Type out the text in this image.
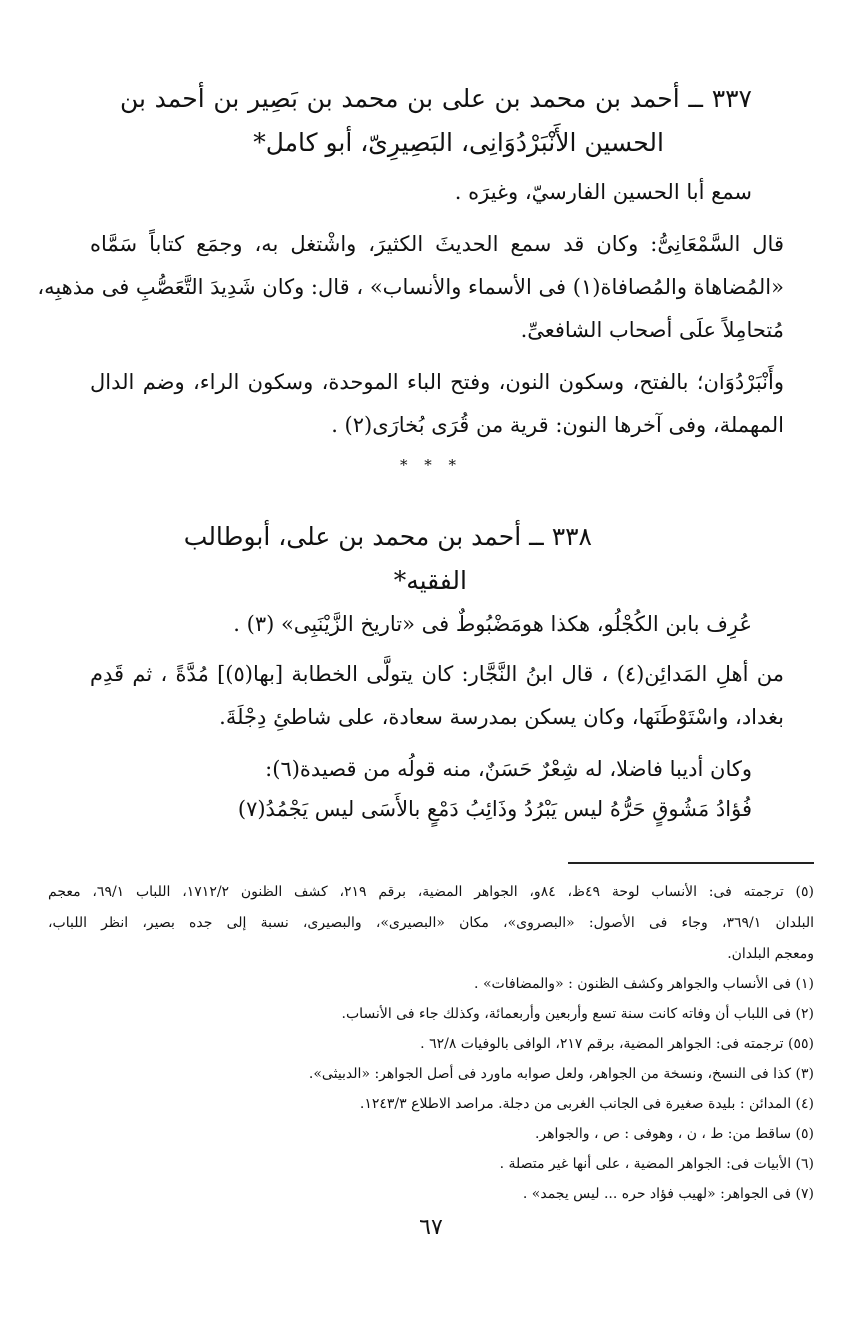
٣٣٧ ــ أحمد بن محمد بن على بن محمد بن بَصِير بن أحمد بن
الحسين الأَنْبَرْدُوَانِى، البَصِيرِىّ، أبو كامل*
سمع أبا الحسين الفارسيّ، وغيرَه .
قال السَّمْعَانِىُّ: وكان قد سمع الحديثَ الكثيرَ، واشْتغل به، وجمَع كتاباً سَمَّاه
«المُضاهاة والمُصافاة(١) فى الأسماء والأنساب» ، قال: وكان شَدِيدَ التَّعَصُّبِ فى مذهبِه،
مُتحامِلاً علَى أصحاب الشافعىِّ.
وأَنْبَرْدُوَان؛ بالفتح، وسكون النون، وفتح الباء الموحدة، وسكون الراء، وضم الدال
المهملة، وفى آخرها النون: قرية من قُرَى بُخارَى(٢) .
* * *
٣٣٨ ــ أحمد بن محمد بن على، أبوطالب
الفقيه*
عُرِف بابن الكُجْلُو، هكذا هومَضْبُوطٌ فى «تاريخ الزَّيْنَبِى» (٣) .
من أهلِ المَدائِن(٤) ، قال ابنُ النَّجَّار: كان يتولَّى الخطابة [بها(٥)] مُدَّةً ، ثم قَدِم
بغداد، واسْتَوْطَنَها، وكان يسكن بمدرسة سعادة، على شاطئِ دِجْلَةَ.
وكان أديبا فاضلا، له شِعْرٌ حَسَنٌ، منه قولُه من قصيدة(٦):
فُؤادُ مَشُوقٍ حَرُّهُ ليس يَبْرُدُ وذَائِبُ دَمْعٍ بالأَسَى ليس يَجْمُدُ(٧)
(٥) ترجمته فى: الأنساب لوحة ٤٩ظ، ٨٤و، الجواهر المضية، برقم ٢١٩، كشف الظنون ١٧١٢/٢، اللباب ٦٩/١، معجم
البلدان ٣٦٩/١، وجاء فى الأصول: «البصروى»، مكان «البصيرى»، والبصيرى، نسبة إلى جده بصير، انظر اللباب،
ومعجم البلدان.
(١) فى الأنساب والجواهر وكشف الظنون : «والمضافات» .
(٢) فى اللباب أن وفاته كانت سنة تسع وأربعين وأربعمائة، وكذلك جاء فى الأنساب.
(٥٥) ترجمته فى: الجواهر المضية، برقم ٢١٧، الوافى بالوفيات ٦٢/٨ .
(٣) كذا فى النسخ، ونسخة من الجواهر، ولعل صوابه ماورد فى أصل الجواهر: «الدبيثى».
(٤) المدائن : بليدة صغيرة فى الجانب الغربى من دجلة. مراصد الاطلاع ١٢٤٣/٣.
(٥) ساقط من: ط ، ن ، وهوفى : ص ، والجواهر.
(٦) الأبيات فى: الجواهر المضية ، على أنها غير متصلة .
(٧) فى الجواهر: «لهيب فؤاد حره ... ليس يجمد» .
٦٧
